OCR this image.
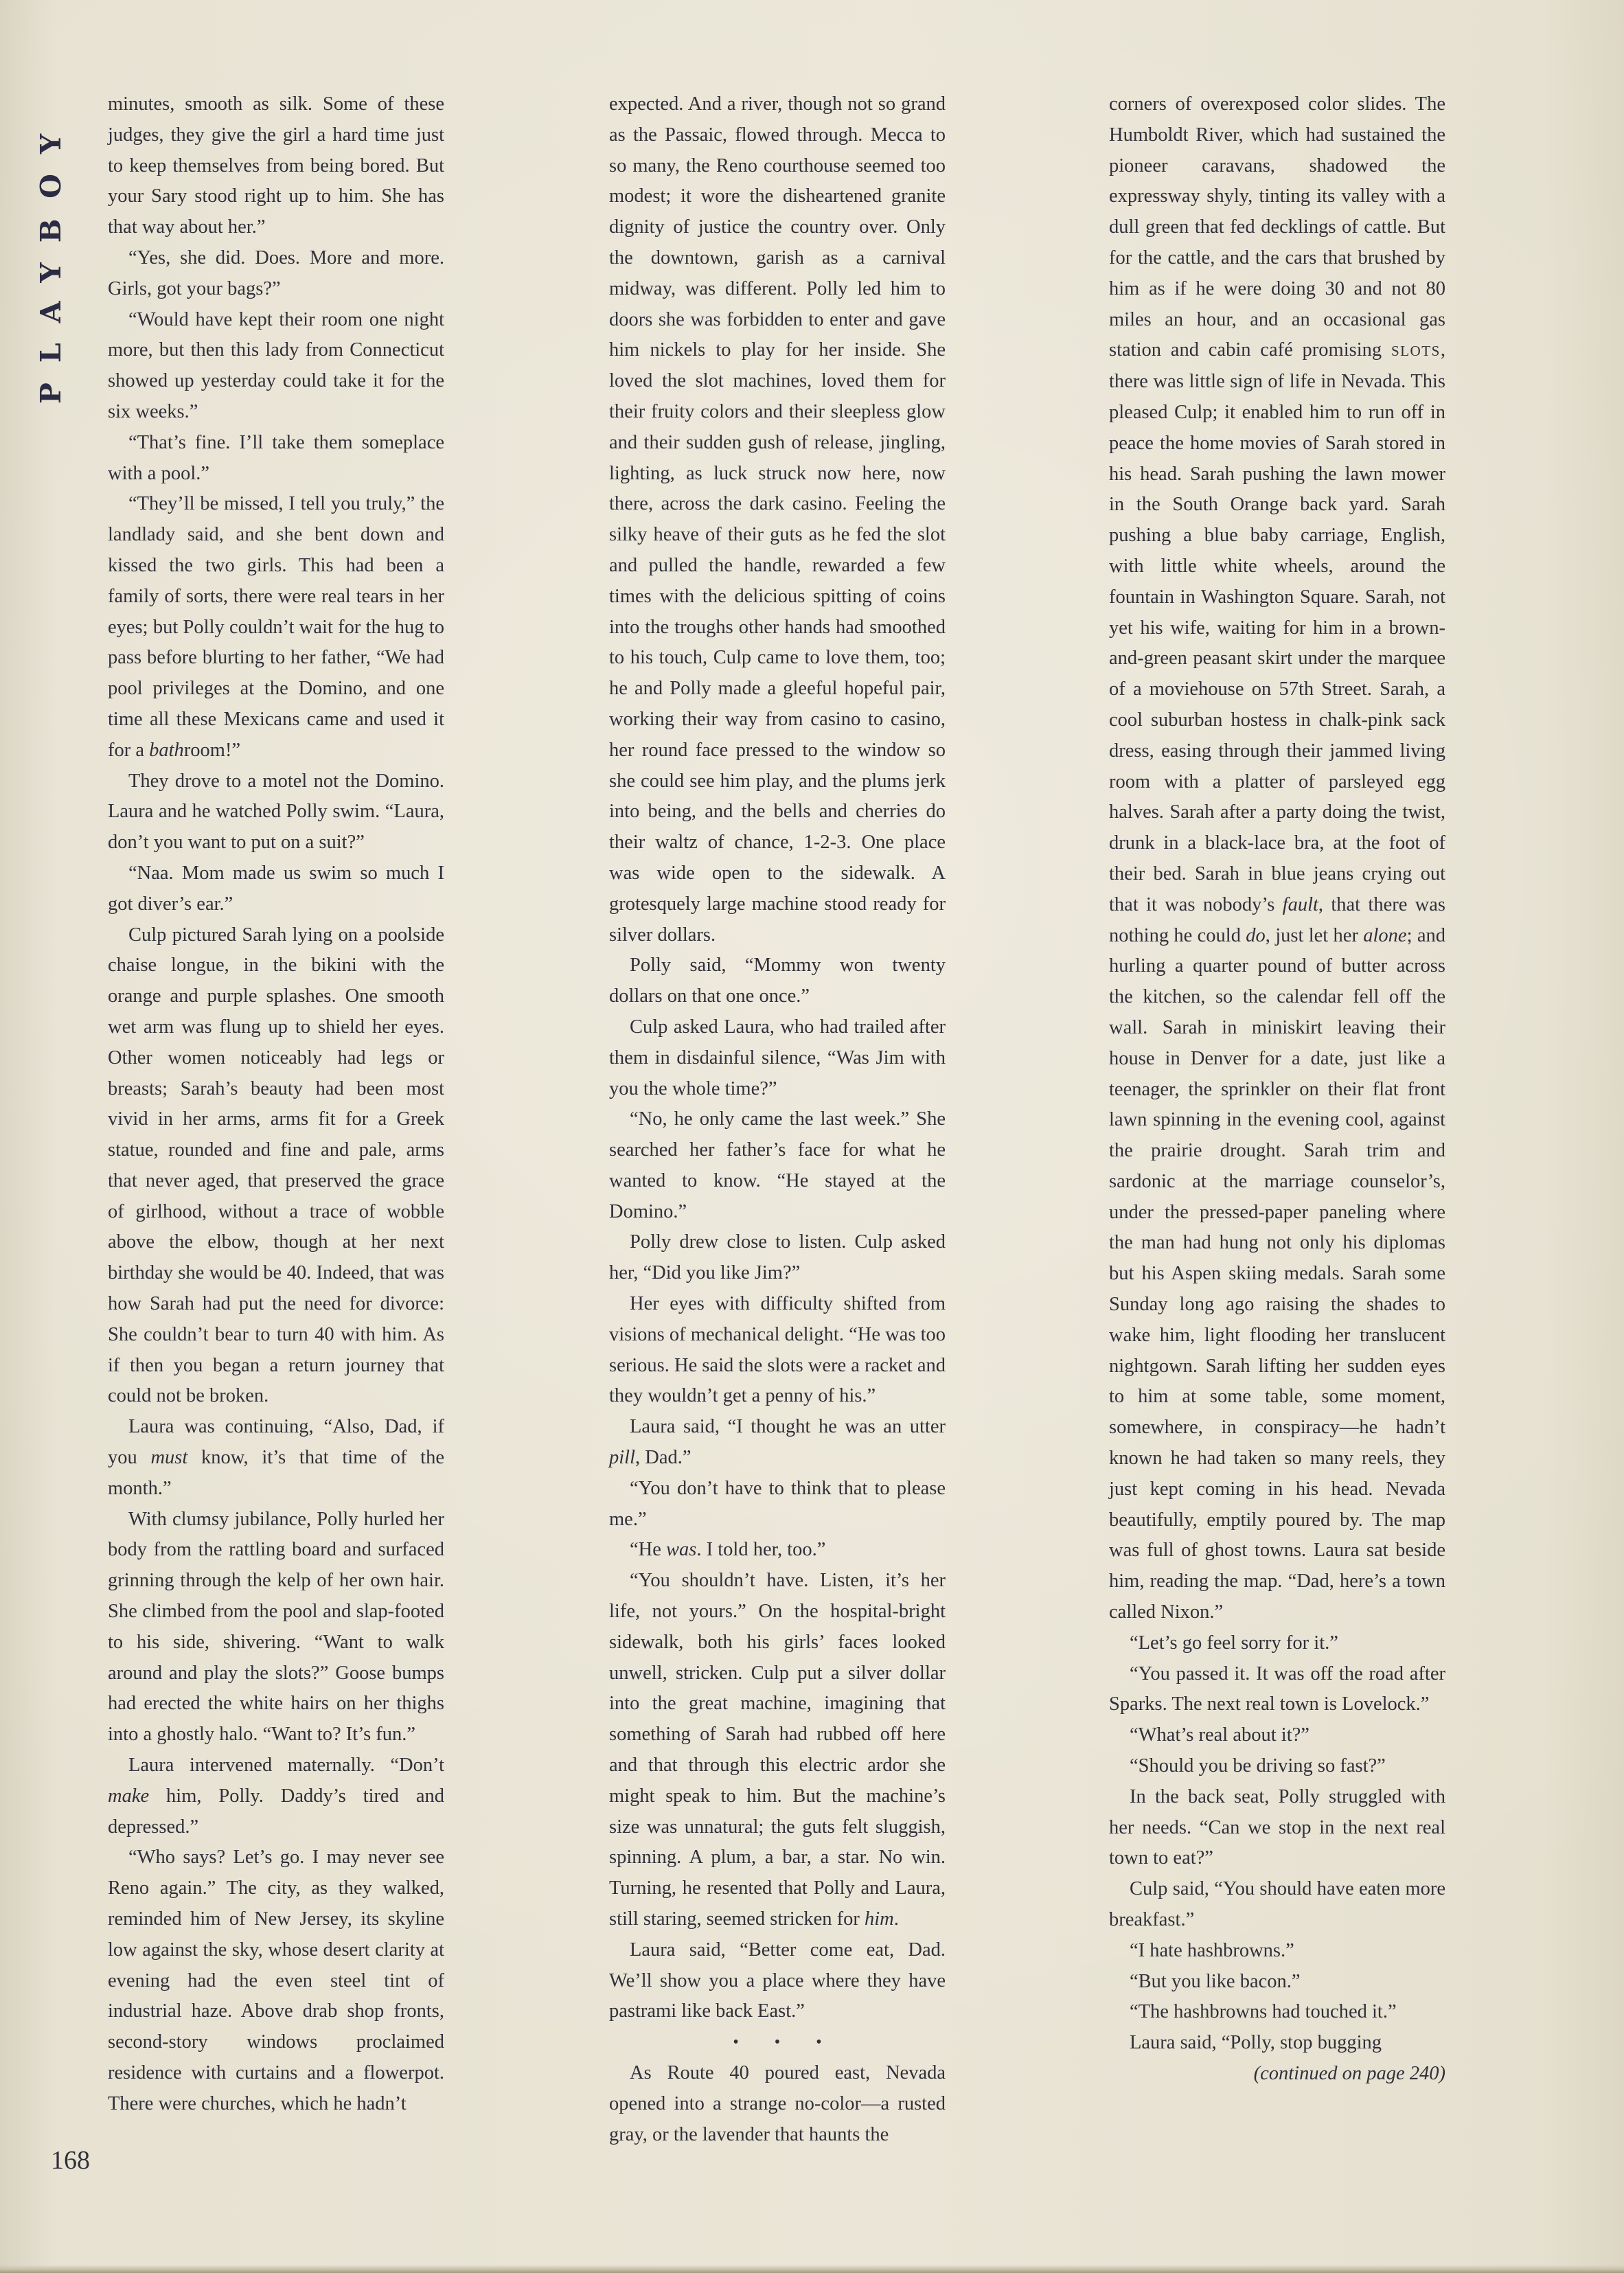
PLAYBOY
168

minutes, smooth as silk. Some of these judges, they give the girl a hard time just to keep themselves from being bored. But your Sary stood right up to him. She has that way about her.”

“Yes, she did. Does. More and more. Girls, got your bags?”

“Would have kept their room one night more, but then this lady from Connecticut showed up yesterday could take it for the six weeks.”

“That’s fine. I’ll take them someplace with a pool.”

“They’ll be missed, I tell you truly,” the landlady said, and she bent down and kissed the two girls. This had been a family of sorts, there were real tears in her eyes; but Polly couldn’t wait for the hug to pass before blurting to her father, “We had pool privileges at the Domino, and one time all these Mexicans came and used it for a bathroom!”

They drove to a motel not the Domino. Laura and he watched Polly swim. “Laura, don’t you want to put on a suit?”

“Naa. Mom made us swim so much I got diver’s ear.”

Culp pictured Sarah lying on a poolside chaise longue, in the bikini with the orange and purple splashes. One smooth wet arm was flung up to shield her eyes. Other women noticeably had legs or breasts; Sarah’s beauty had been most vivid in her arms, arms fit for a Greek statue, rounded and fine and pale, arms that never aged, that preserved the grace of girlhood, without a trace of wobble above the elbow, though at her next birthday she would be 40. Indeed, that was how Sarah had put the need for divorce: She couldn’t bear to turn 40 with him. As if then you began a return journey that could not be broken.

Laura was continuing, “Also, Dad, if you must know, it’s that time of the month.”

With clumsy jubilance, Polly hurled her body from the rattling board and surfaced grinning through the kelp of her own hair. She climbed from the pool and slap-footed to his side, shivering. “Want to walk around and play the slots?” Goose bumps had erected the white hairs on her thighs into a ghostly halo. “Want to? It’s fun.”

Laura intervened maternally. “Don’t make him, Polly. Daddy’s tired and depressed.”

“Who says? Let’s go. I may never see Reno again.” The city, as they walked, reminded him of New Jersey, its skyline low against the sky, whose desert clarity at evening had the even steel tint of industrial haze. Above drab shop fronts, second-story windows proclaimed residence with curtains and a flowerpot. There were churches, which he hadn’t

expected. And a river, though not so grand as the Passaic, flowed through. Mecca to so many, the Reno courthouse seemed too modest; it wore the disheartened granite dignity of justice the country over. Only the downtown, garish as a carnival midway, was different. Polly led him to doors she was forbidden to enter and gave him nickels to play for her inside. She loved the slot machines, loved them for their fruity colors and their sleepless glow and their sudden gush of release, jingling, lighting, as luck struck now here, now there, across the dark casino. Feeling the silky heave of their guts as he fed the slot and pulled the handle, rewarded a few times with the delicious spitting of coins into the troughs other hands had smoothed to his touch, Culp came to love them, too; he and Polly made a gleeful hopeful pair, working their way from casino to casino, her round face pressed to the window so she could see him play, and the plums jerk into being, and the bells and cherries do their waltz of chance, 1-2-3. One place was wide open to the sidewalk. A grotesquely large machine stood ready for silver dollars.

Polly said, “Mommy won twenty dollars on that one once.”

Culp asked Laura, who had trailed after them in disdainful silence, “Was Jim with you the whole time?”

“No, he only came the last week.” She searched her father’s face for what he wanted to know. “He stayed at the Domino.”

Polly drew close to listen. Culp asked her, “Did you like Jim?”

Her eyes with difficulty shifted from visions of mechanical delight. “He was too serious. He said the slots were a racket and they wouldn’t get a penny of his.”

Laura said, “I thought he was an utter pill, Dad.”

“You don’t have to think that to please me.”

“He was. I told her, too.”

“You shouldn’t have. Listen, it’s her life, not yours.” On the hospital-bright sidewalk, both his girls’ faces looked unwell, stricken. Culp put a silver dollar into the great machine, imagining that something of Sarah had rubbed off here and that through this electric ardor she might speak to him. But the machine’s size was unnatural; the guts felt sluggish, spinning. A plum, a bar, a star. No win. Turning, he resented that Polly and Laura, still staring, seemed stricken for him.

Laura said, “Better come eat, Dad. We’ll show you a place where they have pastrami like back East.”

• • •

As Route 40 poured east, Nevada opened into a strange no-color—a rusted gray, or the lavender that haunts the

corners of overexposed color slides. The Humboldt River, which had sustained the pioneer caravans, shadowed the expressway shyly, tinting its valley with a dull green that fed decklings of cattle. But for the cattle, and the cars that brushed by him as if he were doing 30 and not 80 miles an hour, and an occasional gas station and cabin café promising SLOTS, there was little sign of life in Nevada. This pleased Culp; it enabled him to run off in peace the home movies of Sarah stored in his head. Sarah pushing the lawn mower in the South Orange back yard. Sarah pushing a blue baby carriage, English, with little white wheels, around the fountain in Washington Square. Sarah, not yet his wife, waiting for him in a brown-and-green peasant skirt under the marquee of a moviehouse on 57th Street. Sarah, a cool suburban hostess in chalk-pink sack dress, easing through their jammed living room with a platter of parsleyed egg halves. Sarah after a party doing the twist, drunk in a black-lace bra, at the foot of their bed. Sarah in blue jeans crying out that it was nobody’s fault, that there was nothing he could do, just let her alone; and hurling a quarter pound of butter across the kitchen, so the calendar fell off the wall. Sarah in miniskirt leaving their house in Denver for a date, just like a teenager, the sprinkler on their flat front lawn spinning in the evening cool, against the prairie drought. Sarah trim and sardonic at the marriage counselor’s, under the pressed-paper paneling where the man had hung not only his diplomas but his Aspen skiing medals. Sarah some Sunday long ago raising the shades to wake him, light flooding her translucent nightgown. Sarah lifting her sudden eyes to him at some table, some moment, somewhere, in conspiracy—he hadn’t known he had taken so many reels, they just kept coming in his head. Nevada beautifully, emptily poured by. The map was full of ghost towns. Laura sat beside him, reading the map. “Dad, here’s a town called Nixon.”

“Let’s go feel sorry for it.”

“You passed it. It was off the road after Sparks. The next real town is Lovelock.”

“What’s real about it?”

“Should you be driving so fast?”

In the back seat, Polly struggled with her needs. “Can we stop in the next real town to eat?”

Culp said, “You should have eaten more breakfast.”

“I hate hashbrowns.”

“But you like bacon.”

“The hashbrowns had touched it.”

Laura said, “Polly, stop bugging

(continued on page 240)
